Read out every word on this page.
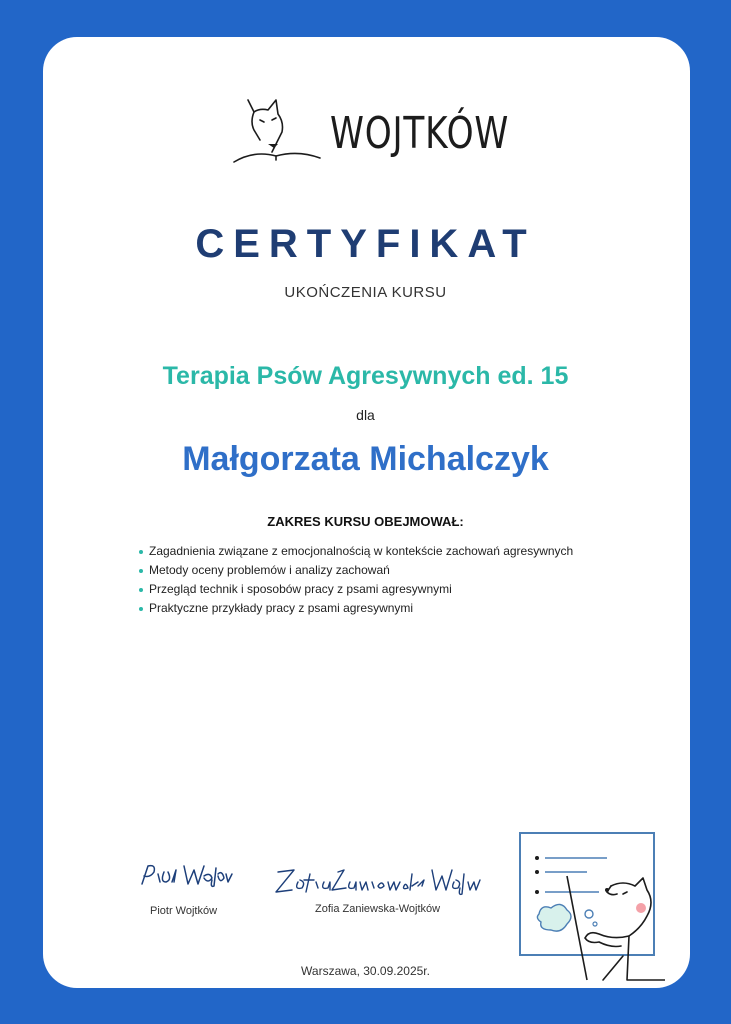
WOJTKÓW
CERTYFIKAT
UKOŃCZENIA KURSU
Terapia Psów Agresywnych ed. 15
dla
Małgorzata Michalczyk
ZAKRES KURSU OBEJMOWAŁ:
Zagadnienia związane z emocjonalnością w kontekście zachowań agresywnych
Metody oceny problemów i analizy zachowań
Przegląd technik i sposobów pracy z psami agresywnymi
Praktyczne przykłady pracy z psami agresywnymi
Piotr Wojtków	Zofia Zaniewska-Wojtków
Warszawa, 30.09.2025r.
